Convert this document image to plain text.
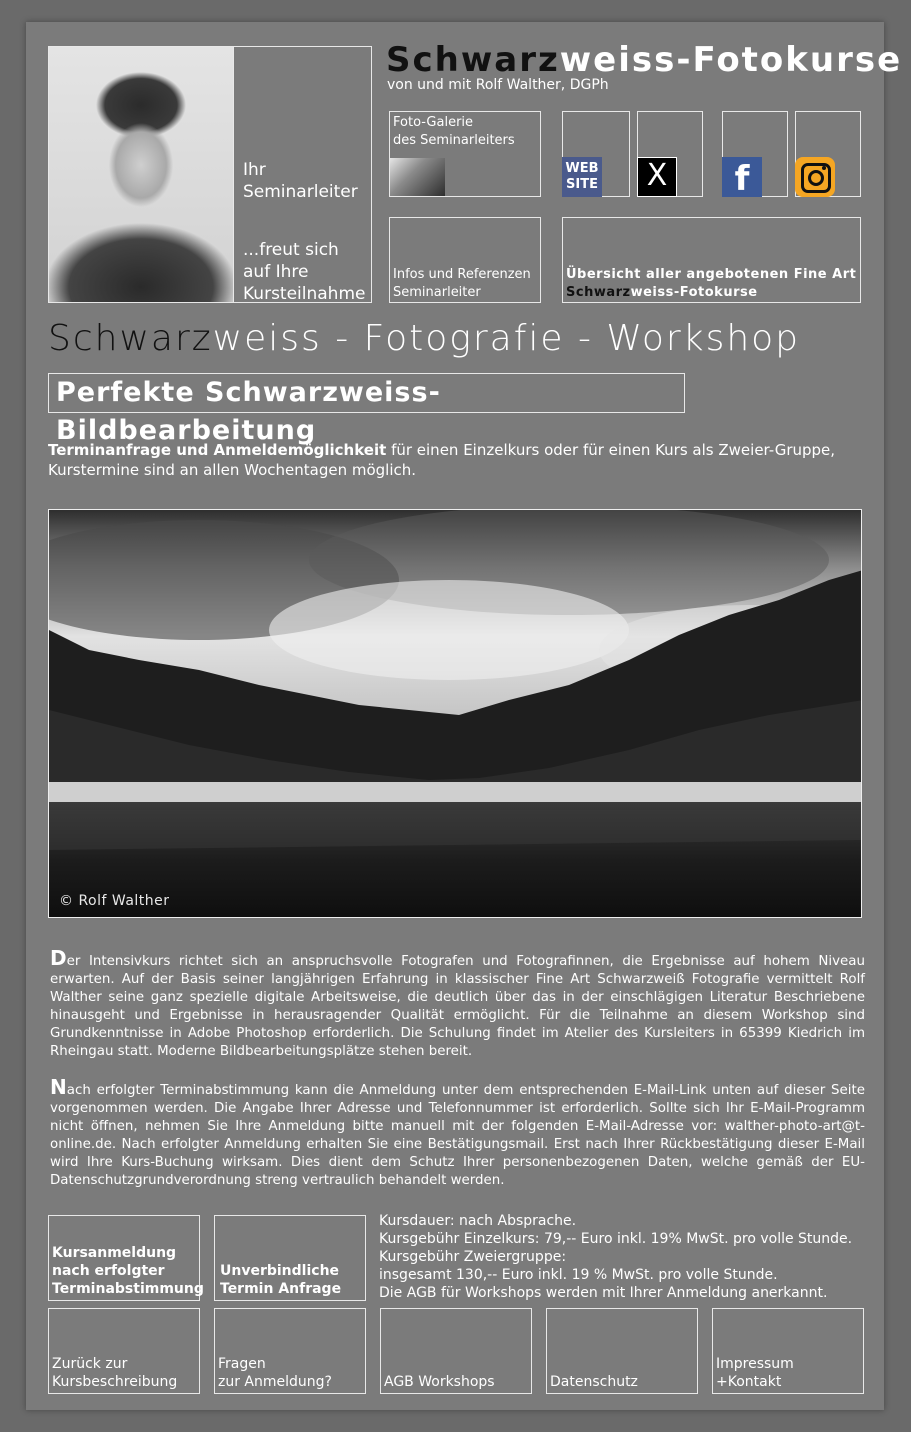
Ihr
Seminarleiter
...freut sich
auf Ihre
Kursteilnahme
Schwarzweiss-Fotokurse
von und mit Rolf Walther, DGPh
Foto-Galerie
des Seminarleiters
WEB
SITE	X	f
Infos und Referenzen
Seminarleiter
Übersicht aller angebotenen Fine Art
Schwarzweiss-Fotokurse
Schwarzweiss - Fotografie - Workshop
Perfekte Schwarzweiss-Bildbearbeitung
Terminanfrage und Anmeldemöglichkeit für einen Einzelkurs oder für einen Kurs als Zweier-Gruppe, Kurstermine sind an allen Wochentagen möglich.
© Rolf Walther
Der Intensivkurs richtet sich an anspruchsvolle Fotografen und Fotografinnen, die Ergebnisse auf hohem Niveau erwarten. Auf der Basis seiner langjährigen Erfahrung in klassischer Fine Art Schwarzweiß Fotografie vermittelt Rolf Walther seine ganz spezielle digitale Arbeitsweise, die deutlich über das in der einschlägigen Literatur Beschriebene hinausgeht und Ergebnisse in herausragender Qualität ermöglicht. Für die Teilnahme an diesem Workshop sind Grundkenntnisse in Adobe Photoshop erforderlich. Die Schulung findet im Atelier des Kursleiters in 65399 Kiedrich im Rheingau statt. Moderne Bildbearbeitungsplätze stehen bereit.
Nach erfolgter Terminabstimmung kann die Anmeldung unter dem entsprechenden E-Mail-Link unten auf dieser Seite vorgenommen werden. Die Angabe Ihrer Adresse und Telefonnummer ist erforderlich. Sollte sich Ihr E-Mail-Programm nicht öffnen, nehmen Sie Ihre Anmeldung bitte manuell mit der folgenden E-Mail-Adresse vor: walther-photo-art@t-online.de. Nach erfolgter Anmeldung erhalten Sie eine Bestätigungsmail. Erst nach Ihrer Rückbestätigung dieser E-Mail wird Ihre Kurs-Buchung wirksam. Dies dient dem Schutz Ihrer personenbezogenen Daten, welche gemäß der EU-Datenschutzgrundverordnung streng vertraulich behandelt werden.
Kursanmeldung
nach erfolgter
Terminabstimmung
Unverbindliche
Termin Anfrage
Kursdauer: nach Absprache.
Kursgebühr Einzelkurs: 79,-- Euro inkl. 19% MwSt. pro volle Stunde.
Kursgebühr Zweiergruppe:
insgesamt 130,-- Euro inkl. 19 % MwSt. pro volle Stunde.
Die AGB für Workshops werden mit Ihrer Anmeldung anerkannt.
Zurück zur
Kursbeschreibung
Fragen
zur Anmeldung?	AGB Workshops	Datenschutz
Impressum
+Kontakt
